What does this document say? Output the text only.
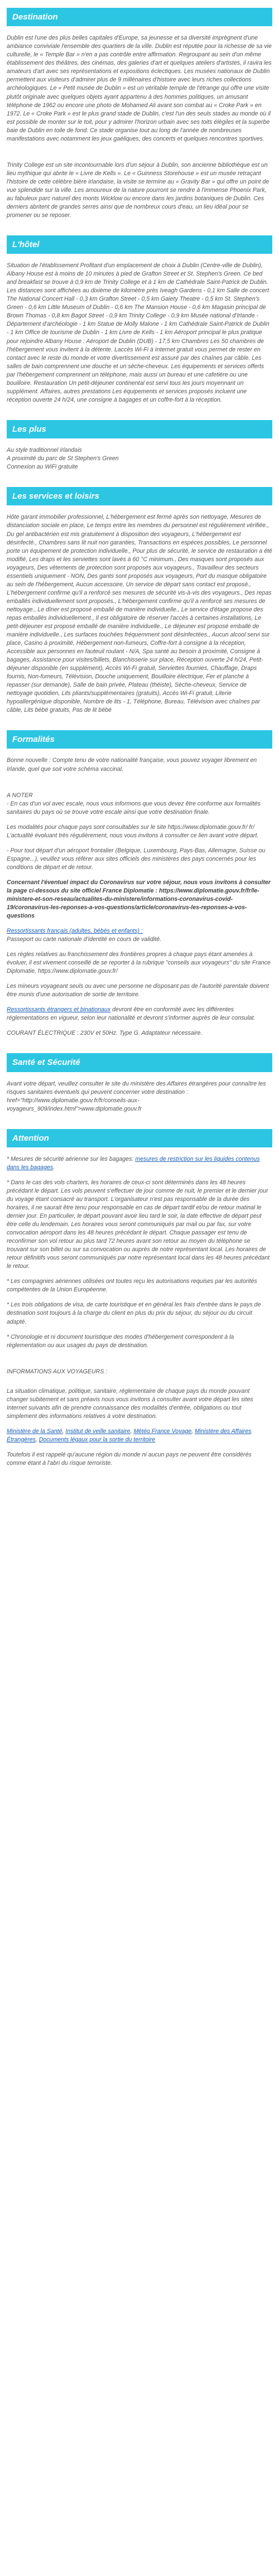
Destination

Dublin est l'une des plus belles capitales d'Europe, sa jeunesse et sa diversité imprègnent d'une ambiance conviviale l'ensemble des quartiers de la ville. Dublin est réputée pour la richesse de sa vie culturelle, le « Temple Bar » n'en a pas contrôle entre affirmation. Regroupant au sein d'un même établissement des théâtres, des cinémas, des galeries d'art et quelques ateliers d'artistes, il ravira les amateurs d'art avec ses représentations et expositions éclectiques. Les musées nationaux de Dublin permettent aux visiteurs d'admirer plus de 9 millénaires d'histoire avec leurs riches collections archéologiques. Le « Petit musée de Dublin » est un véritable temple de l'étrange qui offre une visite plutôt originale avec quelques objets ayant appartenu à des hommes politiques, un amusant téléphone de 1962 ou encore une photo de Mohamed Ali avant son combat au « Croke Park » en 1972. Le « Croke Park » est le plus grand stade de Dublin, c'est l'un des seuls stades au monde où il est possible de monter sur le toit, pour y admirer l'horizon urbain avec ses toits élégiles et la superbe baie de Dublin en toile de fond. Ce stade organise tout au long de l'année de nombreuses manifestations avec notamment les jeux gaéliques, des concerts et quelques rencontres sportives.

Trinity College est un site incontournable lors d'un séjour à Dublin, son ancienne bibliothèque est un lieu mythique qui abrite le « Livre de Kells ». Le « Guinness Storehouse » est un musée retraçant l'histoire de cette célèbre bière irlandaise, la visite se termine au « Gravity Bar » qui offre un point de vue splendide sur la ville. Les amoureux de la nature pourront se rendre à l'immense Phoenix Park, au fabuleux parc naturel des monts Wicklow ou encore dans les jardins botaniques de Dublin. Ces derniers abritent de grandes serres ainsi que de nombreux cours d'eau, un lieu idéal pour se promener ou se reposer.

L'hôtel

Situation de l'établissement Profitant d'un emplacement de choix à Dublin (Centre-ville de Dublin), Albany House est à moins de 10 minutes à pied de Grafton Street et St. Stephen's Green. Ce bed and breakfast se trouve à 0,9 km de Trinity College et à 1 km de Cathédrale Saint-Patrick de Dublin. Les distances sont affichées au dixième de kilomètre près Iveagh Gardens - 0,1 km Salle de concert The National Concert Hall - 0,3 km Grafton Street - 0,5 km Gaiety Theatre - 0,5 km St. Stephen's Green - 0,6 km Little Museum of Dublin - 0,6 km The Mansion House - 0,6 km Magasin principal de Brown Thomas - 0,8 km Bagot Street - 0,9 km Trinity College - 0,9 km Musée national d'Irlande - Département d'archéologie - 1 km Statue de Molly Malone - 1 km Cathédrale Saint-Patrick de Dublin - 1 km Office de tourisme de Dublin - 1 km Livre de Kells - 1 km Aéroport principal le plus pratique pour rejoindre Albany House : Aéroport de Dublin (DUB) - 17,5 km Chambres Les 50 chambres de l'hébergement vous invitent à la détente. Laccès Wi-Fi à Internet gratuit vous permet de rester en contact avec le reste du monde et votre divertissement est assuré par des chaînes par câble. Les salles de bain comprennent une douche et un sèche-cheveux. Les équipements et services offerts par l'hébergement comprennent un téléphone, mais aussi un bureau et une cafetière ou une bouilloire. Restauration Un petit-déjeuner continental est servi tous les jours moyennant un supplément. Affaires, autres prestations Les équipements et services proposés incluent une réception ouverte 24 h/24, une consigne à bagages et un coffre-fort à la réception.

Les plus
Au style traditionnel irlandais
A proximité du parc de St Stephen's Green
Connexion au WiFi gratuite
Les services et loisirs

Hôte garant immobilier professionnel, L'hébergement est fermé après son nettoyage, Mesures de distanciation sociale en place, Le temps entre les membres du personnel est régulièrement vérifiée., Du gel antibactérien est mis gratuitement à disposition des voyageurs, L'hébergement est désinfecté., Chambres sans lit nuit non garanties, Transactions en espèces possibles, Le personnel porte un équipement de protection individuelle., Pour plus de sécurité, le service de restauration a été modifié, Les draps et les serviettes sont lavés à 60 °C minimum., Des masques sont proposés aux voyageurs, Des vêtements de protection sont proposés aux voyageurs., Travailleur des secteurs essentiels uniquement - NON, Des gants sont proposés aux voyageurs, Port du masque obligatoire au sein de l'hébergement, Aucun accessoire, Un service de départ sans contact est proposé., L'hébergement confirme qu'il a renforcé ses mesures de sécurité vis-à-vis des voyageurs., Des repas emballés individuellement sont proposés., L'hébergement confirme qu'il a renforcé ses mesures de nettoyage., Le dîner est proposé emballé de manière individuelle., Le service d'étage propose des repas emballés individuellement., Il est obligatoire de réserver l'accès à certaines installations, Le petit-déjeuner est proposé emballé de manière individuelle., Le déjeuner est proposé emballé de manière individuelle., Les surfaces touchées fréquemment sont désinfectées., Aucun alcool servi sur place, Casino à proximité, Hébergement non-fumeurs, Coffre-fort à consigne à la réception, Accessible aux personnes en fauteuil roulant - N/A, Spa santé au besoin à proximité, Consigne à bagages, Assistance pour visites/billets, Blanchisserie sur place, Réception ouverte 24 h/24, Petit-déjeuner disponible (en supplément), Accès Wi-Fi gratuit, Serviettes fournies, Chauffage, Draps fournis, Non-fumeurs, Télévision, Douche uniquement, Bouilloire électrique, Fer et planche à repasser (sur demande), Salle de bain privée, Plateau (théiste), Sèche-cheveux, Service de nettoyage quotidien, Lits pliants/supplémentaires (gratuits), Accès Wi-Fi gratuit, Literie hypoallergénique disponible, Nombre de lits - 1, Téléphone, Bureau, Télévision avec chaînes par câble, Lits bébé gratuits, Pas de lit bébé

Formalités

Bonne nouvelle : Compte tenu de votre nationalité française, vous pouvez voyager librement en Irlande, quel que soit votre schéma vaccinal.

A NOTER

- En cas d'un vol avec escale, nous vous informons que vous devez être conforme aux formalités sanitaires du pays où se trouve votre escale ainsi que votre destination finale.

Les modalités pour chaque pays sont consultables sur le site https://www.diplomatie.gouv.fr/ fr/ L'actualité évoluant très régulièrement, nous vous invitons à consulter ce lien avant votre départ.

- Pour tout départ d'un aéroport frontalier (Belgique, Luxembourg, Pays-Bas, Allemagne, Suisse ou Espagne...), veuillez vous référer aux sites officiels des ministères des pays concernés pour les conditions de départ et de retour.

Concernant l'éventuel impact du Coronavirus sur votre séjour, nous vous invitons à consulter la page ci-dessous du site officiel France Diplomatie : https://www.diplomatie.gouv.fr/fr/le-ministere-et-son-reseau/actualites-du-ministere/informations-coronavirus-covid-19/coronavirus-les-reponses-a-vos-questions/article/coronavirus-les-reponses-a-vos-questions

Ressortissants français (adultes, bébés et enfants) :

Passeport ou carte nationale d'identité en cours de validité.

Les règles relatives au franchissement des frontières propres à chaque pays étant amenées à évoluer, il est vivement conseillé de se reporter à la rubrique "conseils aux voyageurs" du site France Diplomatie, https://www.diplomatie.gouv.fr/

Les mineurs voyageant seuls ou avec une personne ne disposant pas de l'autorité parentale doivent être munis d'une autorisation de sortie de territoire.

Ressortissants étrangers et binationaux devront être en conformité avec les différentes réglementations en vigueur, selon leur nationalité et devront s'informer auprès de leur consulat.

COURANT ÉLECTRIQUE : 230V et 50Hz. Type G. Adaptateur nécessaire.

Santé et Sécurité

Avant votre départ, veuillez consulter le site du ministère des Affaires étrangères pour connaître les risques sanitaires éventuels qui peuvent concerner votre destination : href="http://www.diplomatie.gouv.fr/fr/conseils-aux-voyageurs_909/index.html">www.diplomatie.gouv.fr

Attention

* Mesures de sécurité aérienne sur les bagages: mesures de restriction sur les liquides contenus dans les bagages.

* Dans le cas des vols charters, les horaires de ceux-ci sont déterminés dans les 48 heures précédant le départ. Les vols peuvent s'effectuer de jour comme de nuit, le premier et le dernier jour du voyage étant consacré au transport. L'organisateur n'est pas responsable de la durée des horaires, il ne saurait être tenu pour responsable en cas de départ tardif et/ou de retour matinal le dernier jour. En particulier, le départ pouvant avoir lieu tard le soir, la date effective de départ peut être celle du lendemain. Les horaires vous seront communiqués par mail ou par fax, sur votre convocation aéroport dans les 48 heures précédant le départ. Chaque passager est tenu de reconfirmer son vol retour au plus tard 72 heures avant son retour au moyen du téléphone se trouvant sur son billet ou sur sa convocation ou auprès de notre représentant local. Les horaires de retour définitifs vous seront communiqués par notre représentant local dans les 48 heures précédant le retour.

* Les compagnies aériennes utilisées ont toutes reçu les autorisations requises par les autorités compétentes de la Union Européenne.

* Les trois obligations de visa, de carte touristique et en général les frais d'entrée dans le pays de destination sont toujours à la charge du client en plus du prix du séjour, du séjour ou du circuit adapté.

* Chronologie et ni document touristique des modes d'hébergement correspondent à la réglementation ou aux usages du pays de destination.

INFORMATIONS AUX VOYAGEURS :

La situation climatique, politique, sanitaire, réglementaire de chaque pays du monde pouvant changer subitement et sans préavis nous vous invitons à consulter avant votre départ les sites Internet suivants afin de prendre connaissance des modalités d'entrée, obligations ou tout simplement des informations relatives à votre destination.

Ministère de la Santé, Institut de veille sanitaire, Météo France Voyage, Ministère des Affaires Étrangères, Documents légaux pour la sortie du territoire

Toutefois il est rappelé qu'aucune région du monde ni aucun pays ne peuvent être considérés comme étant à l'abri du risque terroriste.
